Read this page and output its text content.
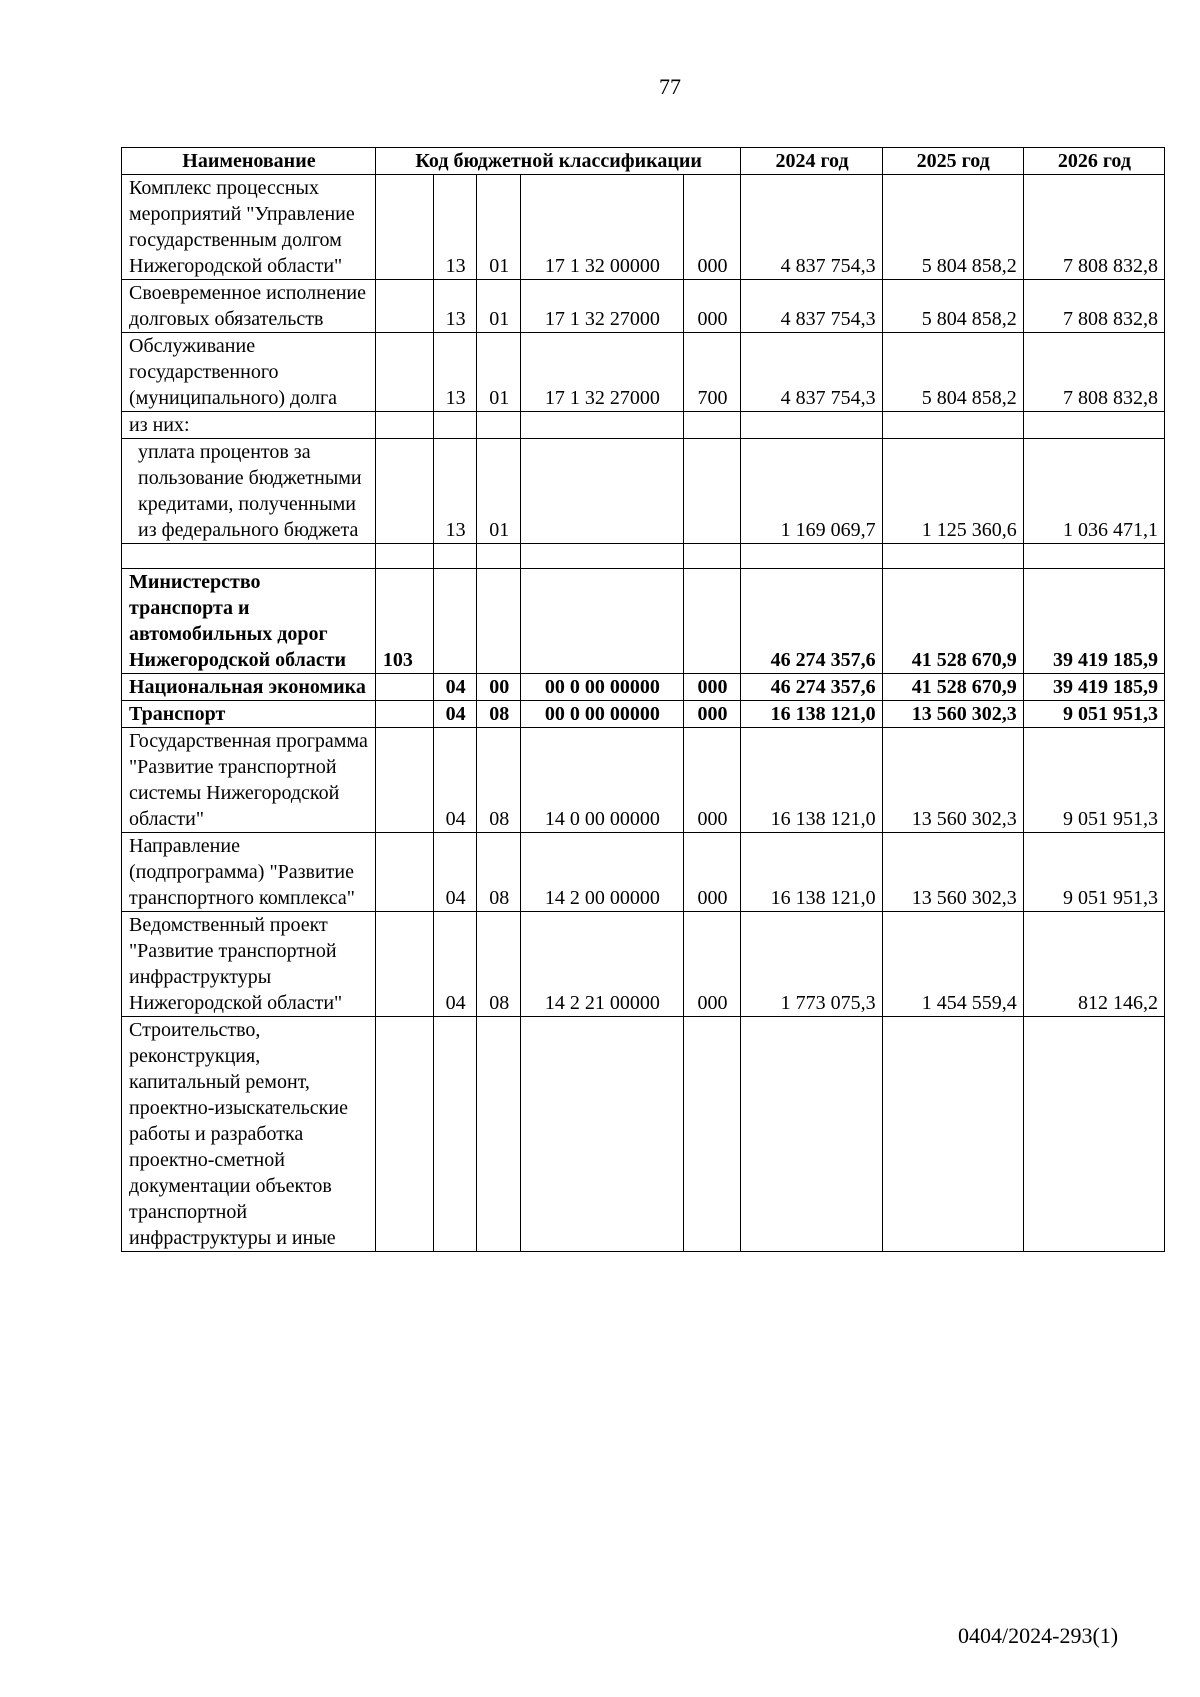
77
Наименование	Код бюджетной классификации					2024 год	2025 год	2026 год
Комплекс процессных мероприятий "Управление государственным долгом Нижегородской области"		13	01	17 1 32 00000	000	4 837 754,3	5 804 858,2	7 808 832,8
Своевременное исполнение долговых обязательств		13	01	17 1 32 27000	000	4 837 754,3	5 804 858,2	7 808 832,8
Обслуживание государственного (муниципального) долга		13	01	17 1 32 27000	700	4 837 754,3	5 804 858,2	7 808 832,8
из них:								
уплата процентов за пользование бюджетными кредитами, полученными из федерального бюджета		13	01			1 169 069,7	1 125 360,6	1 036 471,1

Министерство транспорта и автомобильных дорог Нижегородской области	103					46 274 357,6	41 528 670,9	39 419 185,9
Национальная экономика		04	00	00 0 00 00000	000	46 274 357,6	41 528 670,9	39 419 185,9
Транспорт		04	08	00 0 00 00000	000	16 138 121,0	13 560 302,3	9 051 951,3
Государственная программа "Развитие транспортной системы Нижегородской области"		04	08	14 0 00 00000	000	16 138 121,0	13 560 302,3	9 051 951,3
Направление (подпрограмма) "Развитие транспортного комплекса"		04	08	14 2 00 00000	000	16 138 121,0	13 560 302,3	9 051 951,3
Ведомственный проект "Развитие транспортной инфраструктуры Нижегородской области"		04	08	14 2 21 00000	000	1 773 075,3	1 454 559,4	812 146,2
Строительство, реконструкция, капитальный ремонт, проектно-изыскательские работы и разработка проектно-сметной документации объектов транспортной инфраструктуры и иные								
0404/2024-293(1)
